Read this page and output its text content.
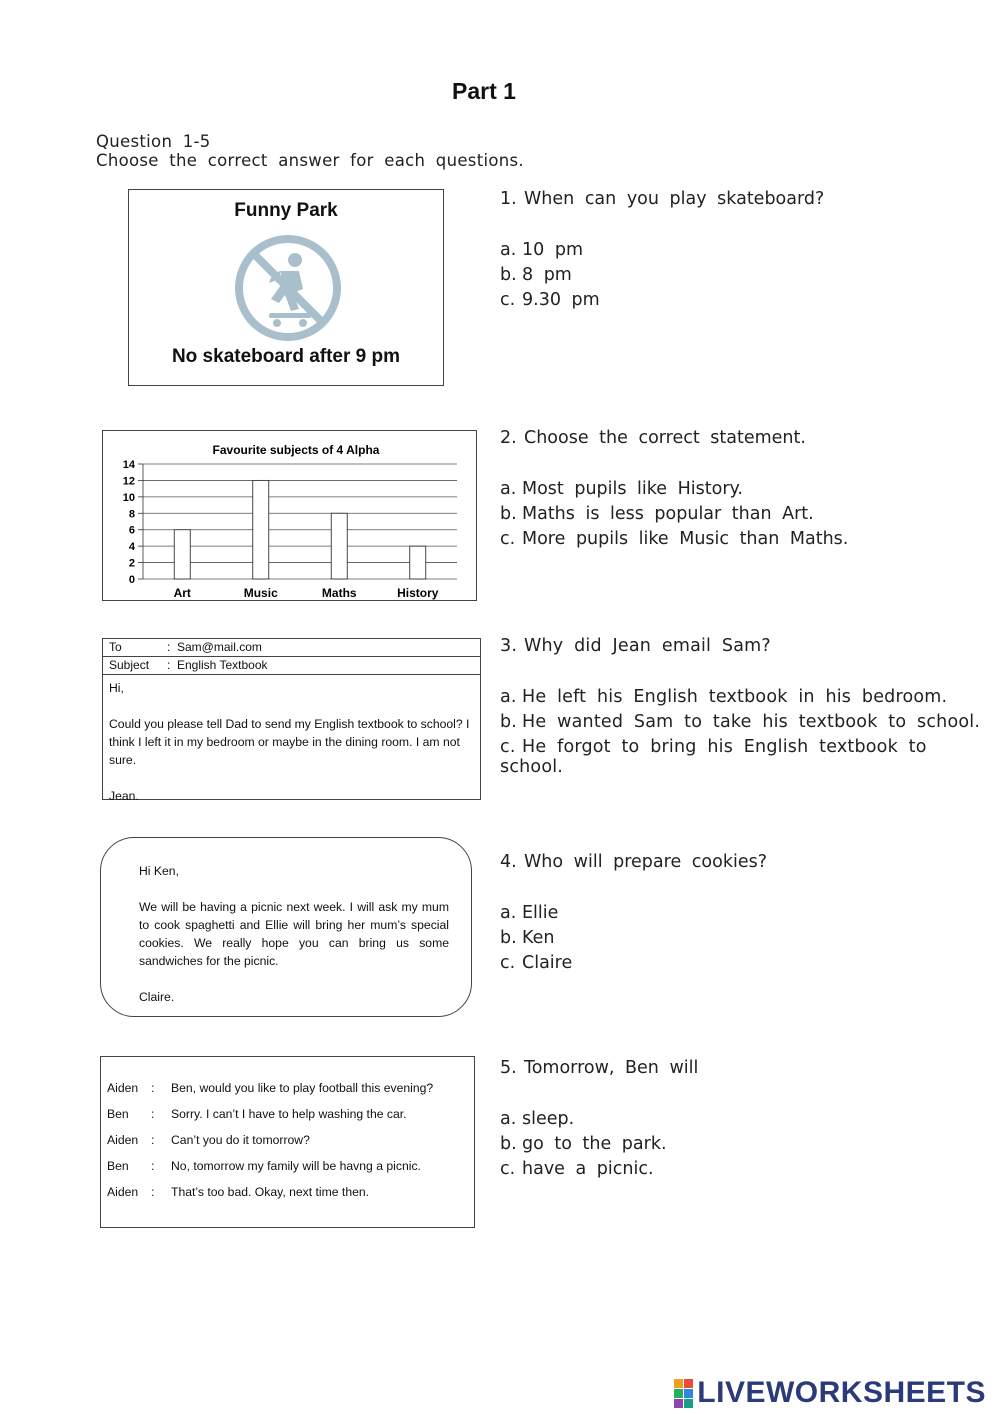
Part 1
Question 1-5
Choose the correct answer for each questions.
Funny Park
No skateboard after 9 pm
Favourite subjects of 4 Alpha
0
2
4
6
8
10
12
14
Art	Music	Maths	History
To	: Sam@mail.com
Subject : English Textbook

Hi,

Could you please tell Dad to send my English textbook to school? I think I left it in my bedroom or maybe in the dining room. I am not sure.

Jean.

Hi Ken,

We will be having a picnic next week. I will ask my mum to cook spaghetti and Ellie will bring her mum’s special cookies. We really hope you can bring us some sandwiches for the picnic.

Claire.

Aiden : Ben, would you like to play football this evening?
Ben : Sorry. I can’t I have to help washing the car.
Aiden : Can’t you do it tomorrow?
Ben : No, tomorrow my family will be havng a picnic.
Aiden : That’s too bad. Okay, next time then.
1. When can you play skateboard?
a. 10 pm
b. 8 pm
c. 9.30 pm
2. Choose the correct statement.
a. Most pupils like History.
b. Maths is less popular than Art.
c. More pupils like Music than Maths.
3. Why did Jean email Sam?
a. He left his English textbook in his bedroom.
b. He wanted Sam to take his textbook to school.
c. He forgot to bring his English textbook to school.
4. Who will prepare cookies?
a. Ellie
b. Ken
c. Claire
5. Tomorrow, Ben will
a. sleep.
b. go to the park.
c. have a picnic.
LIVEWORKSHEETS
